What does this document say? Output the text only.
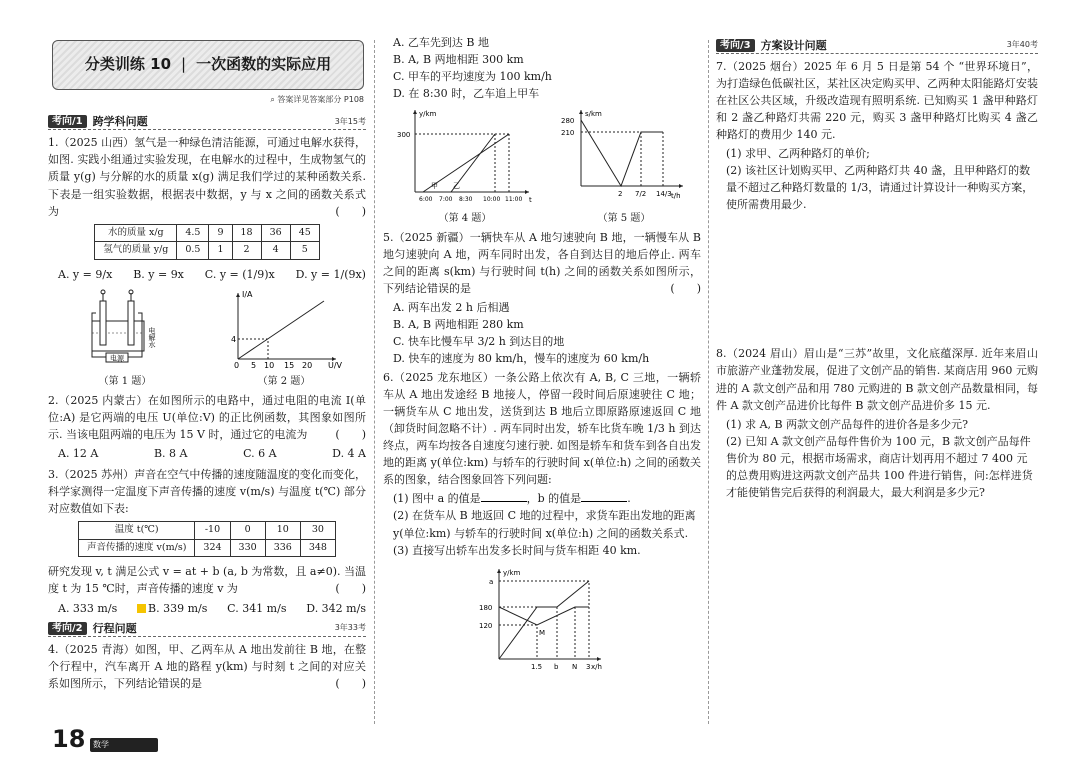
分类训练 10 | 一次函数的实际应用
⌕ 答案详见答案部分 P108
考向/1 跨学科问题	3年15考
1.（2025 山西）氢气是一种绿色清洁能源，可通过电解水获得，如图. 实践小组通过实验发现，在电解水的过程中，生成物氢气的质量 y(g) 与分解的水的质量 x(g) 满足我们学过的某种函数关系. 下表是一组实验数据，根据表中数据，y 与 x 之间的函数关系式为	(　　)
水的质量 x/g	4.5	9	18	36	45
氢气的质量 y/g	0.5	1	2	4	5
A. y = 9/x B. y = 9x C. y = (1/9)x D. y = 1/(9x)
电源
电解水
（第 1 题）
I/A
U/V
4
0 5 10 15 20
（第 2 题）
2.（2025 内蒙古）在如图所示的电路中，通过电阻的电流 I(单位:A) 是它两端的电压 U(单位:V) 的正比例函数，其图象如图所示. 当该电阻两端的电压为 15 V 时，通过它的电流为	(　　)
A. 12 A	B. 8 A	C. 6 A	D. 4 A
3.（2025 苏州）声音在空气中传播的速度随温度的变化而变化，科学家测得一定温度下声音传播的速度 v(m/s) 与温度 t(℃) 部分对应数值如下表:
温度 t(℃)	-10	0	10	30
声音传播的速度 v(m/s)	324	330	336	348
研究发现 v, t 满足公式 v = at + b (a, b 为常数，且 a≠0). 当温度 t 为 15 ℃时，声音传播的速度 v 为	(　　)
A. 333 m/s	B. 339 m/s C. 341 m/s D. 342 m/s
考向/2 行程问题	3年33考
4.（2025 青海）如图，甲、乙两车从 A 地出发前往 B 地，在整个行程中，汽车离开 A 地的路程 y(km) 与时刻 t 之间的对应关系如图所示，下列结论错误的是	(　　)
A. 乙车先到达 B 地
B. A, B 两地相距 300 km
C. 甲车的平均速度为 100 km/h
D. 在 8:30 时，乙车追上甲车
y/km
t
300
6:00 7:00 8:30 10:00 11:00
甲 乙
（第 4 题）
s/km
t/h
280
210
2 7/2 14/3
（第 5 题）
5.（2025 新疆）一辆快车从 A 地匀速驶向 B 地，一辆慢车从 B 地匀速驶向 A 地，两车同时出发，各自到达目的地后停止. 两车之间的距离 s(km) 与行驶时间 t(h) 之间的函数关系如图所示，下列结论错误的是	(　　)
A. 两车出发 2 h 后相遇
B. A, B 两地相距 280 km
C. 快车比慢车早 3/2 h 到达目的地
D. 快车的速度为 80 km/h，慢车的速度为 60 km/h
6.（2025 龙东地区）一条公路上依次有 A, B, C 三地，一辆轿车从 A 地出发途经 B 地接人，停留一段时间后原速驶往 C 地；一辆货车从 C 地出发，送货到达 B 地后立即原路原速返回 C 地（卸货时间忽略不计）. 两车同时出发，轿车比货车晚 1/3 h 到达终点，两车均按各自速度匀速行驶. 如图是轿车和货车到各自出发地的距离 y(单位:km) 与轿车的行驶时间 x(单位:h) 之间的函数关系的图象，结合图象回答下列问题:
(1) 图中 a 的值是	，b 的值是	.
(2) 在货车从 B 地返回 C 地的过程中，求货车距出发地的距离 y(单位:km) 与轿车的行驶时间 x(单位:h) 之间的函数关系式.
(3) 直接写出轿车出发多长时间与货车相距 40 km.
y/km
x/h
a
180
120
1.5 b N 3
M
考向/3 方案设计问题	3年40考
7.（2025 烟台）2025 年 6 月 5 日是第 54 个 “世界环境日”，为打造绿色低碳社区，某社区决定购买甲、乙两种太阳能路灯安装在社区公共区域，升级改造现有照明系统. 已知购买 1 盏甲种路灯和 2 盏乙种路灯共需 220 元，购买 3 盏甲种路灯比购买 4 盏乙种路灯的费用少 140 元.
(1) 求甲、乙两种路灯的单价;
(2) 该社区计划购买甲、乙两种路灯共 40 盏，且甲种路灯的数量不超过乙种路灯数量的 1/3，请通过计算设计一种购买方案，使所需费用最少.
8.（2024 眉山）眉山是“三苏”故里，文化底蕴深厚. 近年来眉山市旅游产业蓬勃发展，促进了文创产品的销售. 某商店用 960 元购进的 A 款文创产品和用 780 元购进的 B 款文创产品数量相同，每件 A 款文创产品进价比每件 B 款文创产品进价多 15 元.
(1) 求 A, B 两款文创产品每件的进价各是多少元?
(2) 已知 A 款文创产品每件售价为 100 元，B 款文创产品每件售价为 80 元，根据市场需求，商店计划再用不超过 7 400 元的总费用购进这两款文创产品共 100 件进行销售，问:怎样进货才能使销售完后获得的利润最大，最大利润是多少元?
18 数学
